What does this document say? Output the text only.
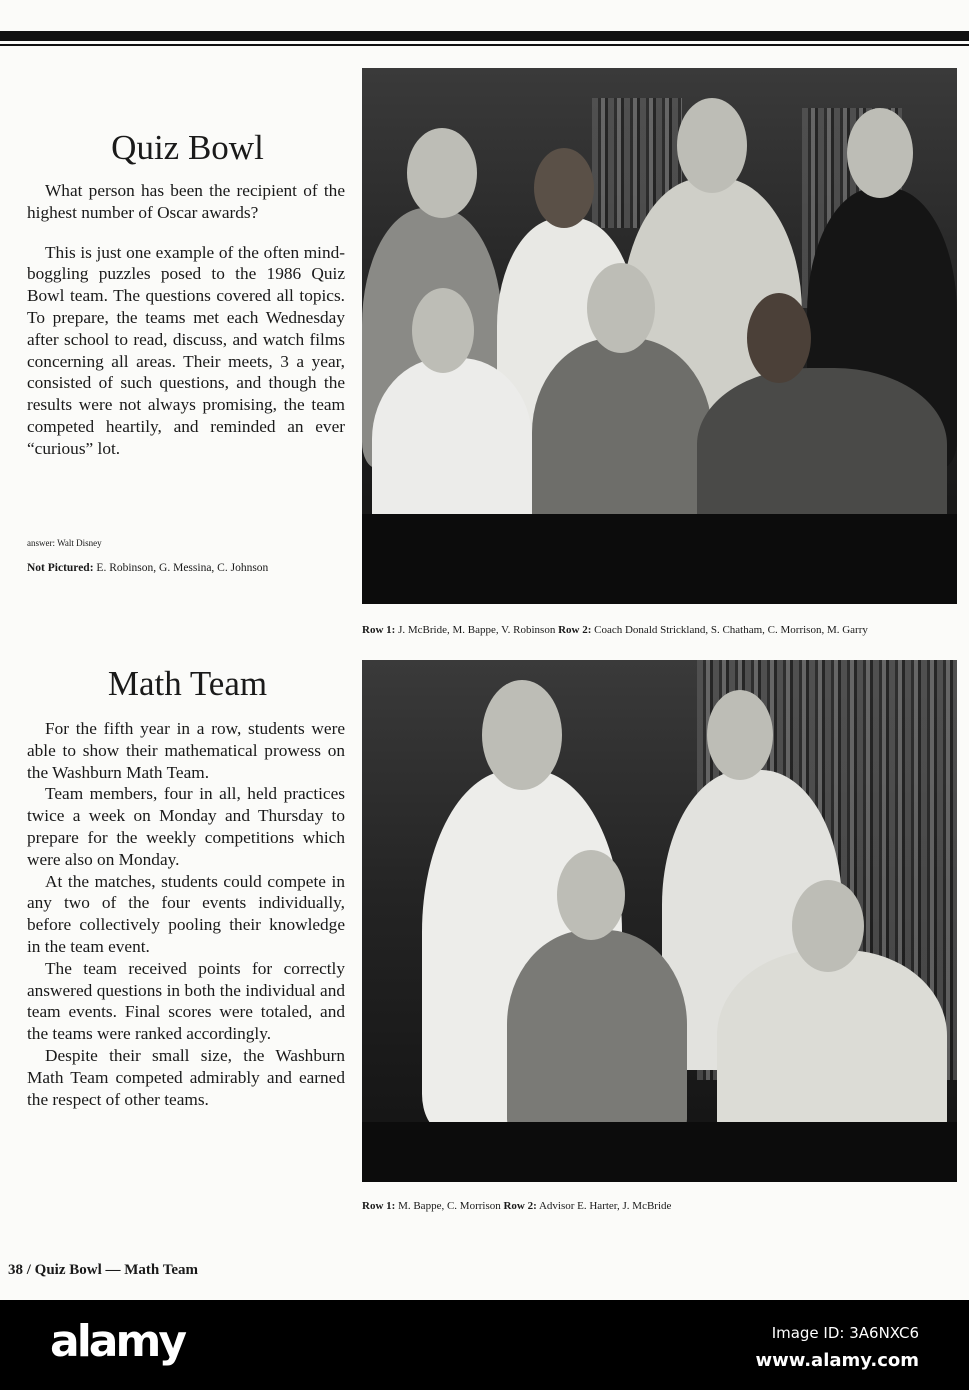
Quiz Bowl

What person has been the recipient of the highest number of Oscar awards?

This is just one example of the often mind-boggling puzzles posed to the 1986 Quiz Bowl team. The questions covered all topics. To prepare, the teams met each Wednesday after school to read, discuss, and watch films concerning all areas. Their meets, 3 a year, consisted of such questions, and though the results were not always promising, the team competed heartily, and reminded an ever “curious” lot.

answer: Walt Disney
Not Pictured: E. Robinson, G. Messina, C. Johnson
Row 1: J. McBride, M. Bappe, V. Robinson Row 2: Coach Donald Strickland, S. Chatham, C. Morrison, M. Garry
Math Team

For the fifth year in a row, students were able to show their mathematical prowess on the Washburn Math Team.

Team members, four in all, held practices twice a week on Monday and Thursday to prepare for the weekly competitions which were also on Monday.

At the matches, students could compete in any two of the four events individually, before collectively pooling their knowledge in the team event.

The team received points for correctly answered questions in both the individual and team events. Final scores were totaled, and the teams were ranked accordingly.

Despite their small size, the Washburn Math Team competed admirably and earned the respect of other teams.

Row 1: M. Bappe, C. Morrison Row 2: Advisor E. Harter, J. McBride
38 / Quiz Bowl — Math Team
alamy	Image ID: 3A6NXC6
www.alamy.com
